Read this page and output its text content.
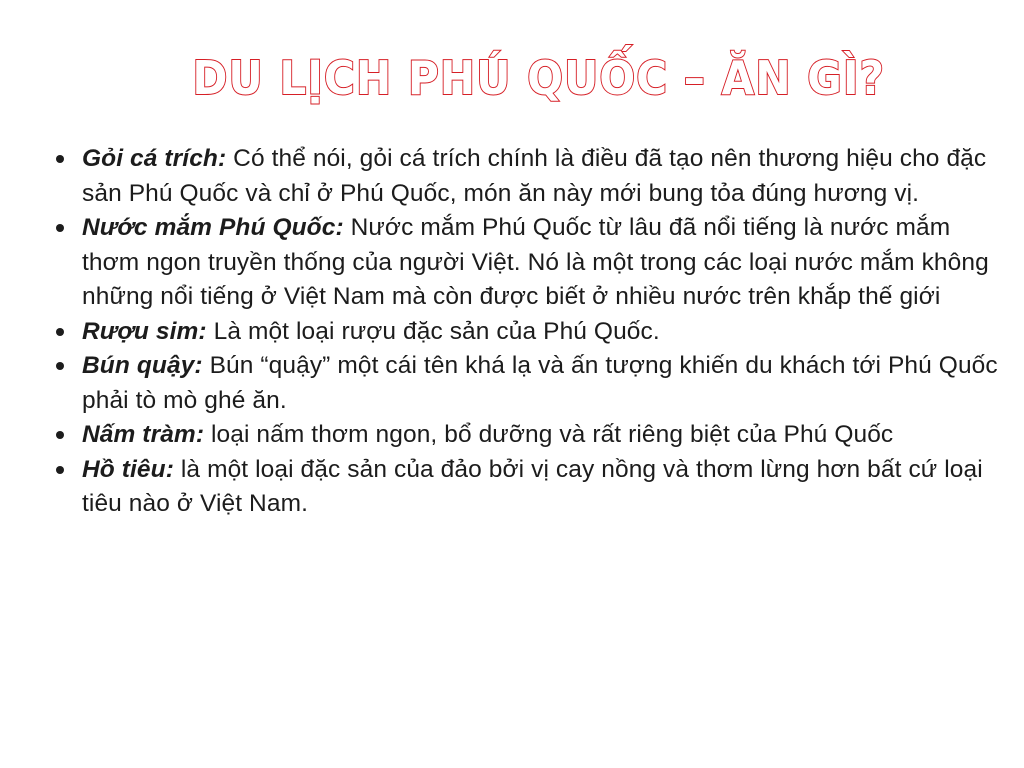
DU LỊCH PHÚ QUỐC – ĂN GÌ?
Gỏi cá trích: Có thể nói, gỏi cá trích chính là điều đã tạo nên thương hiệu cho đặc sản Phú Quốc và chỉ ở Phú Quốc, món ăn này mới bung tỏa đúng hương vị.
Nước mắm Phú Quốc: Nước mắm Phú Quốc từ lâu đã nổi tiếng là nước mắm thơm ngon truyền thống của người Việt. Nó là một trong các loại nước mắm không những nổi tiếng ở Việt Nam mà còn được biết ở nhiều nước trên khắp thế giới
Rượu sim: Là một loại rượu đặc sản của Phú Quốc.
Bún quậy: Bún “quậy” một cái tên khá lạ và ấn tượng khiến du khách tới Phú Quốc phải tò mò ghé ăn.
Nấm tràm: loại nấm thơm ngon, bổ dưỡng và rất riêng biệt của Phú Quốc
Hồ tiêu: là một loại đặc sản của đảo bởi vị cay nồng và thơm lừng hơn bất cứ loại tiêu nào ở Việt Nam.
